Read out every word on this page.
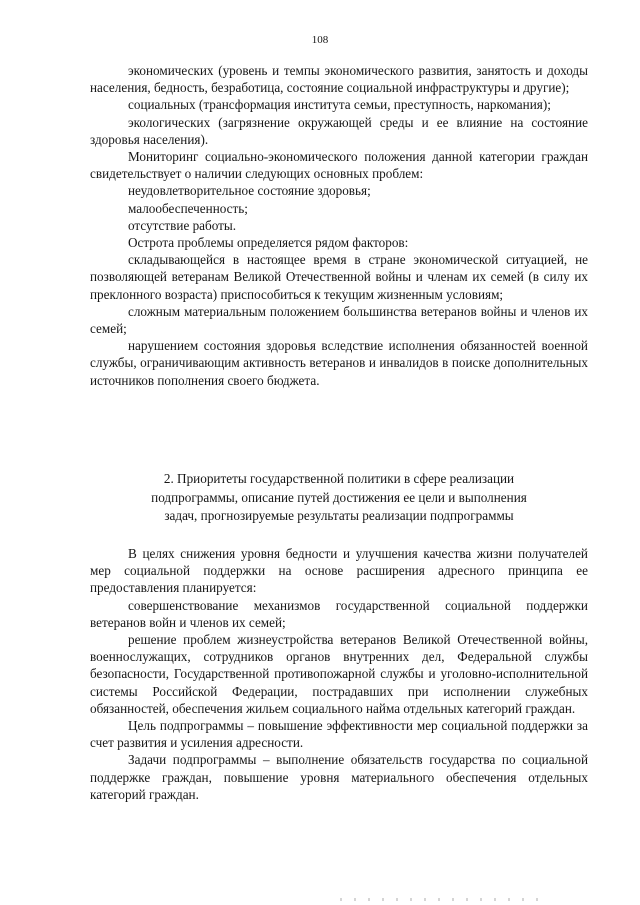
108

экономических (уровень и темпы экономического развития, занятость и доходы населения, бедность, безработица, состояние социальной инфраструктуры и другие);

социальных (трансформация института семьи, преступность, наркомания);

экологических (загрязнение окружающей среды и ее влияние на состояние здоровья населения).

Мониторинг социально-экономического положения данной категории граждан свидетельствует о наличии следующих основных проблем:

неудовлетворительное состояние здоровья;

малообеспеченность;

отсутствие работы.

Острота проблемы определяется рядом факторов:

складывающейся в настоящее время в стране экономической ситуацией, не позволяющей ветеранам Великой Отечественной войны и членам их семей (в силу их преклонного возраста) приспособиться к текущим жизненным условиям;

сложным материальным положением большинства ветеранов войны и членов их семей;

нарушением состояния здоровья вследствие исполнения обязанностей военной службы, ограничивающим активность ветеранов и инвалидов в поиске дополнительных источников пополнения своего бюджета.

2. Приоритеты государственной политики в сфере реализации
подпрограммы, описание путей достижения ее цели и выполнения
задач, прогнозируемые результаты реализации подпрограммы

В целях снижения уровня бедности и улучшения качества жизни получателей мер социальной поддержки на основе расширения адресного принципа ее предоставления планируется:

совершенствование механизмов государственной социальной поддержки ветеранов войн и членов их семей;

решение проблем жизнеустройства ветеранов Великой Отечественной войны, военнослужащих, сотрудников органов внутренних дел, Федеральной службы безопасности, Государственной противопожарной службы и уголовно-исполнительной системы Российской Федерации, пострадавших при исполнении служебных обязанностей, обеспечения жильем социального найма отдельных категорий граждан.

Цель подпрограммы – повышение эффективности мер социальной поддержки за счет развития и усиления адресности.

Задачи подпрограммы – выполнение обязательств государства по социальной поддержке граждан, повышение уровня материального обеспечения отдельных категорий граждан.
